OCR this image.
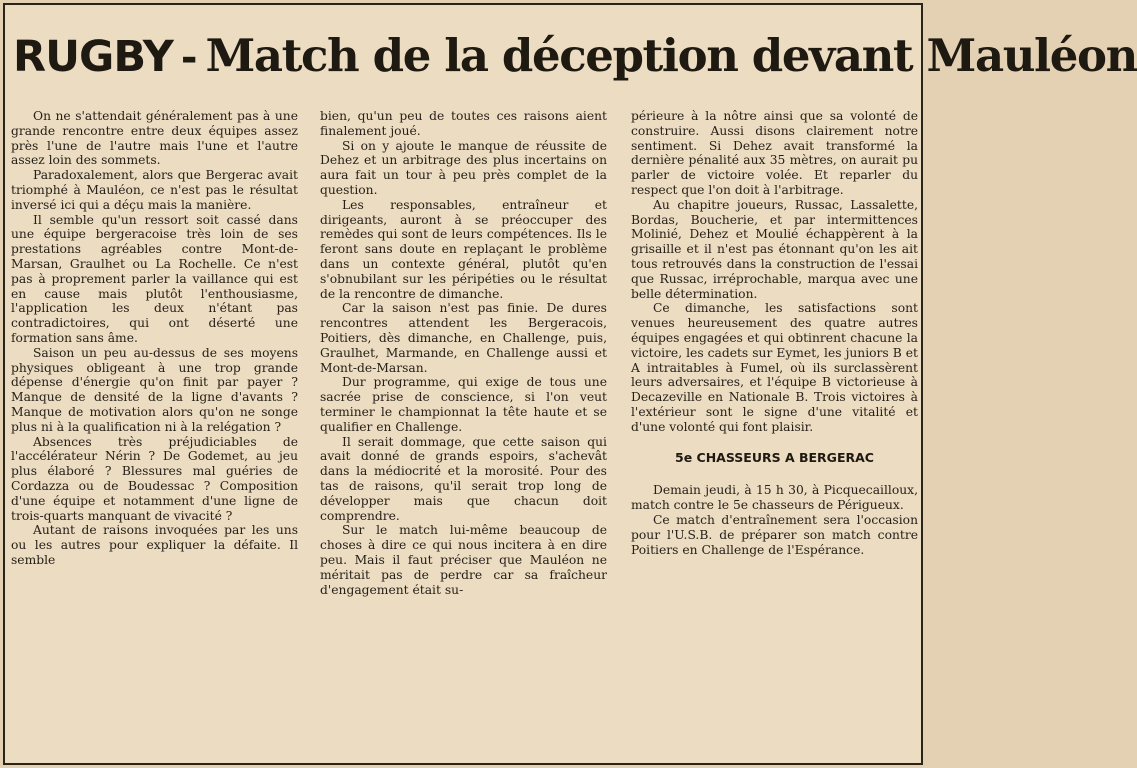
RUGBY - Match de la déception devant Mauléon

On ne s'attendait généralement pas à une grande rencontre entre deux équipes assez près l'une de l'autre mais l'une et l'autre assez loin des sommets.

Paradoxalement, alors que Bergerac avait triomphé à Mauléon, ce n'est pas le résultat inversé ici qui a déçu mais la manière.

Il semble qu'un ressort soit cassé dans une équipe bergeracoise très loin de ses prestations agréables contre Mont-de-Marsan, Graulhet ou La Rochelle. Ce n'est pas à proprement parler la vaillance qui est en cause mais plutôt l'enthousiasme, l'application les deux n'étant pas contradictoires, qui ont déserté une formation sans âme.

Saison un peu au-dessus de ses moyens physiques obligeant à une trop grande dépense d'énergie qu'on finit par payer ? Manque de densité de la ligne d'avants ? Manque de motivation alors qu'on ne songe plus ni à la qualification ni à la relégation ?

Absences très préjudiciables de l'accélérateur Nérin ? De Godemet, au jeu plus élaboré ? Blessures mal guéries de Cordazza ou de Boudessac ? Composition d'une équipe et notamment d'une ligne de trois-quarts manquant de vivacité ?

Autant de raisons invoquées par les uns ou les autres pour expliquer la défaite. Il semble

bien, qu'un peu de toutes ces raisons aient finalement joué.

Si on y ajoute le manque de réussite de Dehez et un arbitrage des plus incertains on aura fait un tour à peu près complet de la question.

Les responsables, entraîneur et dirigeants, auront à se préoccuper des remèdes qui sont de leurs compétences. Ils le feront sans doute en replaçant le problème dans un contexte général, plutôt qu'en s'obnubilant sur les péripéties ou le résultat de la rencontre de dimanche.

Car la saison n'est pas finie. De dures rencontres attendent les Bergeracois, Poitiers, dès dimanche, en Challenge, puis, Graulhet, Marmande, en Challenge aussi et Mont-de-Marsan.

Dur programme, qui exige de tous une sacrée prise de conscience, si l'on veut terminer le championnat la tête haute et se qualifier en Challenge.

Il serait dommage, que cette saison qui avait donné de grands espoirs, s'achevât dans la médiocrité et la morosité. Pour des tas de raisons, qu'il serait trop long de développer mais que chacun doit comprendre.

Sur le match lui-même beaucoup de choses à dire ce qui nous incitera à en dire peu. Mais il faut préciser que Mauléon ne méritait pas de perdre car sa fraîcheur d'engagement était su-

périeure à la nôtre ainsi que sa volonté de construire. Aussi disons clairement notre sentiment. Si Dehez avait transformé la dernière pénalité aux 35 mètres, on aurait pu parler de victoire volée. Et reparler du respect que l'on doit à l'arbitrage.

Au chapitre joueurs, Russac, Lassalette, Bordas, Boucherie, et par intermittences Molinié, Dehez et Moulié échappèrent à la grisaille et il n'est pas étonnant qu'on les ait tous retrouvés dans la construction de l'essai que Russac, irréprochable, marqua avec une belle détermination.

Ce dimanche, les satisfactions sont venues heureusement des quatre autres équipes engagées et qui obtinrent chacune la victoire, les cadets sur Eymet, les juniors B et A intraitables à Fumel, où ils surclassèrent leurs adversaires, et l'équipe B victorieuse à Decazeville en Nationale B. Trois victoires à l'extérieur sont le signe d'une vitalité et d'une volonté qui font plaisir.

5e CHASSEURS A BERGERAC

Demain jeudi, à 15 h 30, à Picquecailloux, match contre le 5e chasseurs de Périgueux.

Ce match d'entraînement sera l'occasion pour l'U.S.B. de préparer son match contre Poitiers en Challenge de l'Espérance.
